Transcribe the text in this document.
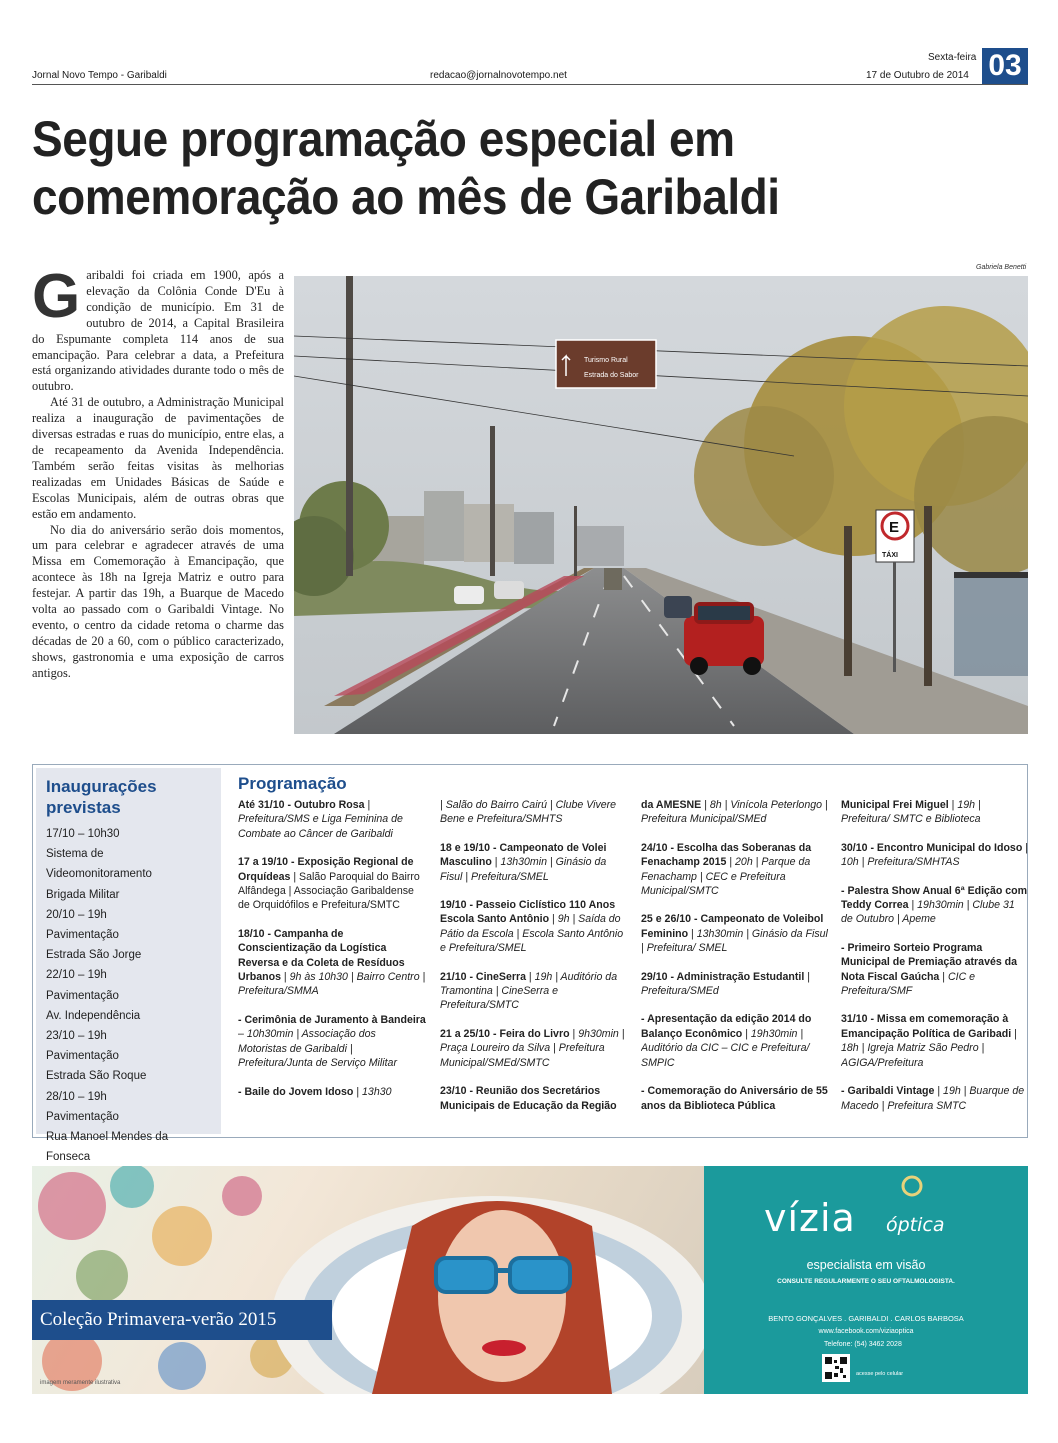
Jornal Novo Tempo - Garibaldi	redacao@jornalnovotempo.net
Sexta-feira
17 de Outubro de 2014 03
Segue programação especial em
comemoração ao mês de Garibaldi

Garibaldi foi criada em 1900, após a elevação da Colônia Conde D'Eu à condição de município. Em 31 de outubro de 2014, a Capital Brasileira do Espumante completa 114 anos de sua emancipação. Para celebrar a data, a Prefeitura está organizando atividades durante todo o mês de outubro.

Até 31 de outubro, a Administração Municipal realiza a inauguração de pavimentações de diversas estradas e ruas do município, entre elas, a de recapeamento da Avenida Independência. Também serão feitas visitas às melhorias realizadas em Unidades Básicas de Saúde e Escolas Municipais, além de outras obras que estão em andamento.

No dia do aniversário serão dois momentos, um para celebrar e agradecer através de uma Missa em Comemoração à Emancipação, que acontece às 18h na Igreja Matriz e outro para festejar. A partir das 19h, a Buarque de Macedo volta ao passado com o Garibaldi Vintage. No evento, o centro da cidade retoma o charme das décadas de 20 a 60, com o público caracterizado, shows, gastronomia e uma exposição de carros antigos.

Gabriela Benetti
Turismo Rural
Estrada do Sabor
E
TÁXI
Inaugurações
previstas
17/10 – 10h30
Sistema de
Videomonitoramento
Brigada Militar
20/10 – 19h
Pavimentação
Estrada São Jorge
22/10 – 19h
Pavimentação
Av. Independência
23/10 – 19h
Pavimentação
Estrada São Roque
28/10 – 19h
Pavimentação
Rua Manoel Mendes da Fonseca
Programação
Até 31/10 - Outubro Rosa | Prefeitura/SMS e Liga Feminina de Combate ao Câncer de Garibaldi
17 a 19/10 - Exposição Regional de Orquídeas | Salão Paroquial do Bairro Alfândega | Associação Garibaldense de Orquidófilos e Prefeitura/SMTC
18/10 - Campanha de Conscientização da Logística Reversa e da Coleta de Resíduos Urbanos | 9h às 10h30 | Bairro Centro | Prefeitura/SMMA
- Cerimônia de Juramento à Bandeira – 10h30min | Associação dos Motoristas de Garibaldi | Prefeitura/Junta de Serviço Militar
- Baile do Jovem Idoso | 13h30
| Salão do Bairro Cairú | Clube Vivere Bene e Prefeitura/SMHTS
18 e 19/10 - Campeonato de Volei Masculino | 13h30min | Ginásio da Fisul | Prefeitura/SMEL
19/10 - Passeio Ciclístico 110 Anos Escola Santo Antônio | 9h | Saída do Pátio da Escola | Escola Santo Antônio e Prefeitura/SMEL
21/10 - CineSerra | 19h | Auditório da Tramontina | CineSerra e Prefeitura/SMTC
21 a 25/10 - Feira do Livro | 9h30min | Praça Loureiro da Silva | Prefeitura Municipal/SMEd/SMTC
23/10 - Reunião dos Secretários Municipais de Educação da Região
da AMESNE | 8h | Vinícola Peterlongo | Prefeitura Municipal/SMEd
24/10 - Escolha das Soberanas da Fenachamp 2015 | 20h | Parque da Fenachamp | CEC e Prefeitura Municipal/SMTC
25 e 26/10 - Campeonato de Voleibol Feminino | 13h30min | Ginásio da Fisul | Prefeitura/ SMEL
29/10 - Administração Estudantil | Prefeitura/SMEd
- Apresentação da edição 2014 do Balanço Econômico | 19h30min | Auditório da CIC – CIC e Prefeitura/ SMPIC
- Comemoração do Aniversário de 55 anos da Biblioteca Pública
Municipal Frei Miguel | 19h | Prefeitura/ SMTC e Biblioteca
30/10 - Encontro Municipal do Idoso | 10h | Prefeitura/SMHTAS
- Palestra Show Anual 6ª Edição com Teddy Correa | 19h30min | Clube 31 de Outubro | Apeme
- Primeiro Sorteio Programa Municipal de Premiação através da Nota Fiscal Gaúcha | CIC e Prefeitura/SMF
31/10 - Missa em comemoração à Emancipação Política de Garibadi | 18h | Igreja Matriz São Pedro | AGIGA/Prefeitura
- Garibaldi Vintage | 19h | Buarque de Macedo | Prefeitura SMTC
Coleção Primavera-verão 2015
imagem meramente ilustrativa
vízia óptica
especialista em visão
CONSULTE REGULARMENTE O SEU OFTALMOLOGISTA.
BENTO GONÇALVES . GARIBALDI . CARLOS BARBOSA
www.facebook.com/viziaoptica
Telefone: (54) 3462 2028
acesse pelo celular
